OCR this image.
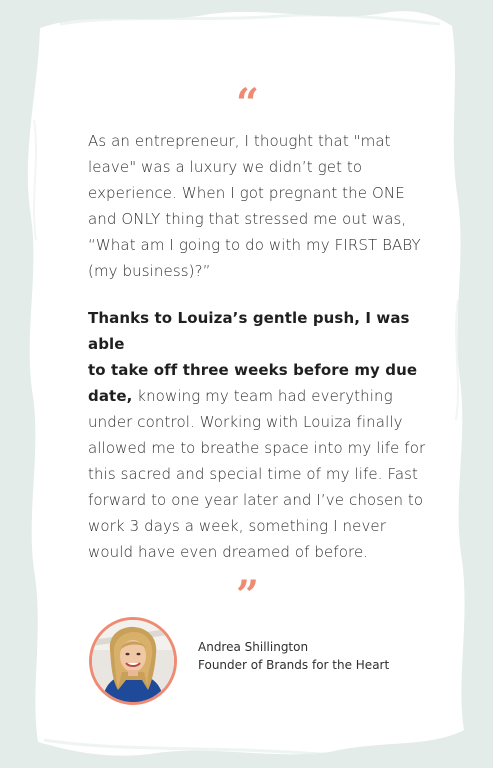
“

As an entrepreneur, I thought that "mat
leave" was a luxury we didn’t get to
experience. When I got pregnant the ONE
and ONLY thing that stressed me out was,
“What am I going to do with my FIRST BABY
(my business)?”

Thanks to Louiza’s gentle push, I was able
to take off three weeks before my due
date, knowing my team had everything
under control. Working with Louiza finally
allowed me to breathe space into my life for
this sacred and special time of my life. Fast
forward to one year later and I’ve chosen to
work 3 days a week, something I never
would have even dreamed of before.

”
Andrea Shillington
Founder of Brands for the Heart
